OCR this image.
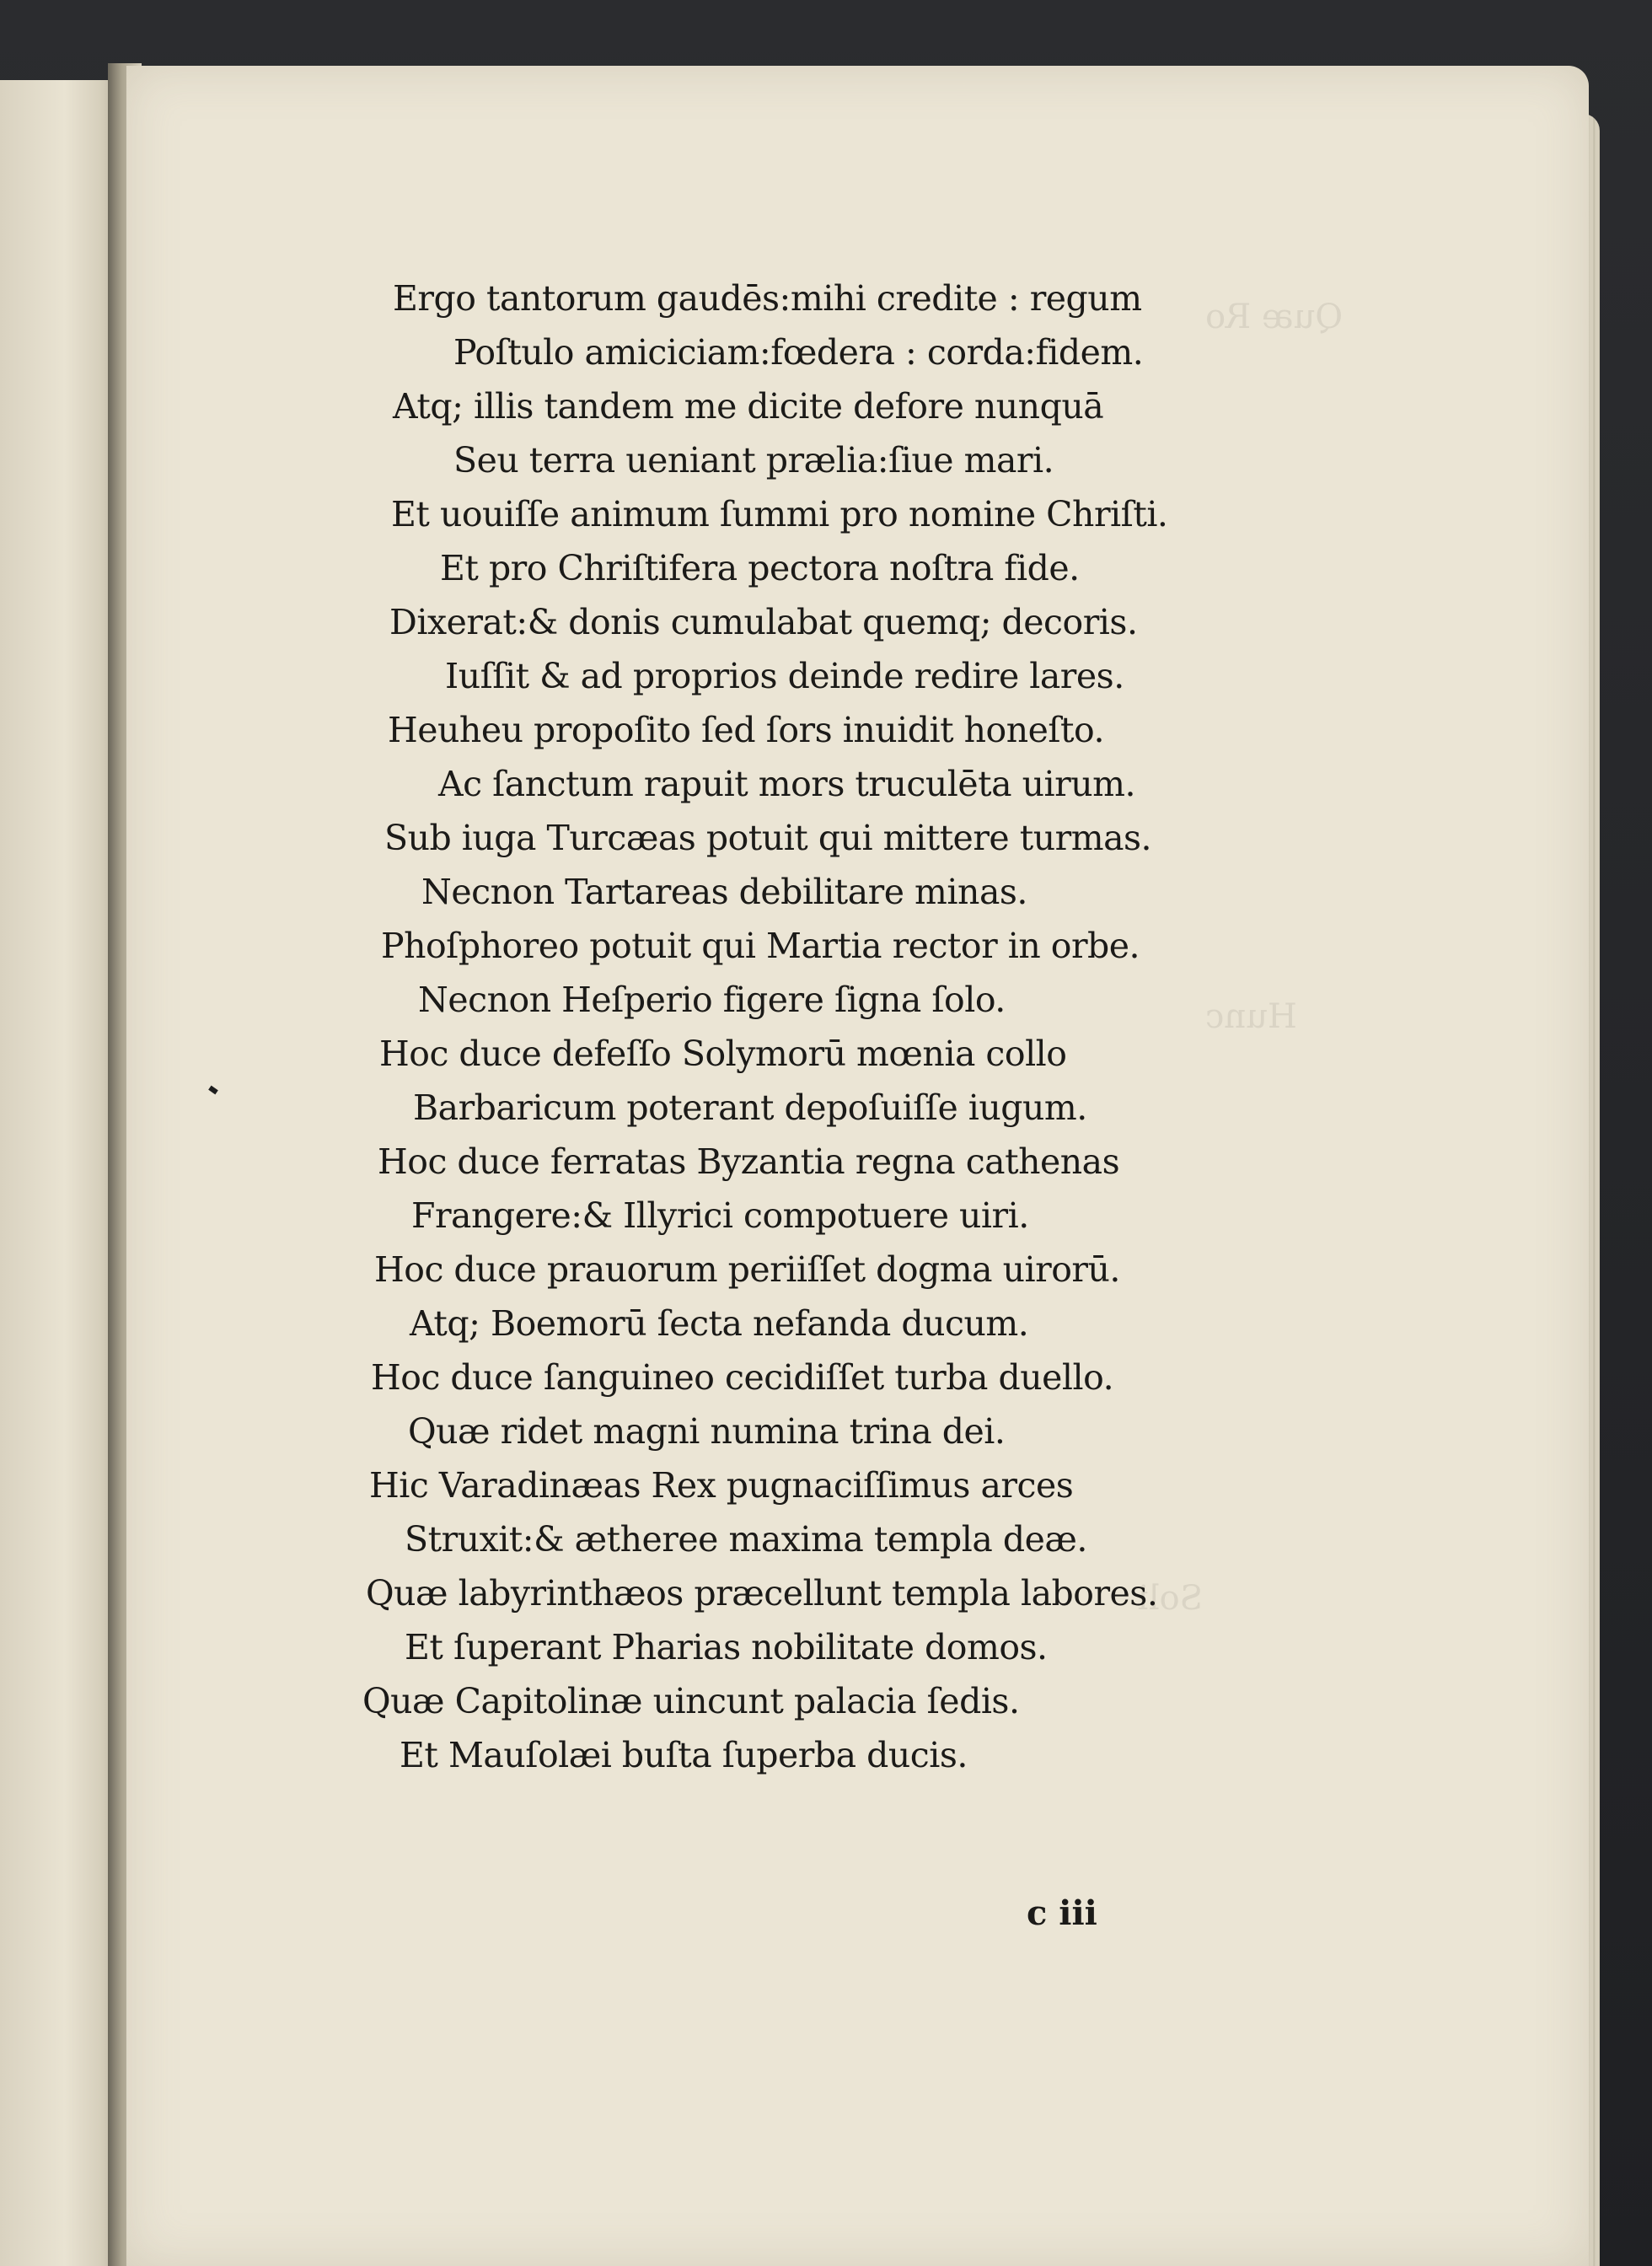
Quæ Ro
Hunc
Soli
Ergo tantorum gaudēs:mihi credite : regum
Poſtulo amiciciam:fœdera : corda:fidem.
Atq; illis tandem me dicite defore nunquā
Seu terra ueniant prælia:ſiue mari.
Et uouiſſe animum ſummi pro nomine Chriſti.
Et pro Chriſtifera pectora noſtra fide.
Dixerat:& donis cumulabat quemq; decoris.
Iuſſit & ad proprios deinde redire lares.
Heuheu propoſito ſed ſors inuidit honeſto.
Ac ſanctum rapuit mors truculēta uirum.
Sub iuga Turcæas potuit qui mittere turmas.
Necnon Tartareas debilitare minas.
Phoſphoreo potuit qui Martia rector in orbe.
Necnon Heſperio figere ſigna ſolo.
Hoc duce defeſſo Solymorū mœnia collo
Barbaricum poterant depoſuiſſe iugum.
Hoc duce ferratas Byzantia regna cathenas
Frangere:& Illyrici compotuere uiri.
Hoc duce prauorum periiſſet dogma uirorū.
Atq; Boemorū ſecta nefanda ducum.
Hoc duce ſanguineo cecidiſſet turba duello.
Quæ ridet magni numina trina dei.
Hic Varadinæas Rex pugnaciſſimus arces
Struxit:& ætheree maxima templa deæ.
Quæ labyrinthæos præcellunt templa labores.
Et ſuperant Pharias nobilitate domos.
Quæ Capitolinæ uincunt palacia ſedis.
Et Mauſolæi buſta ſuperba ducis.
c iii
